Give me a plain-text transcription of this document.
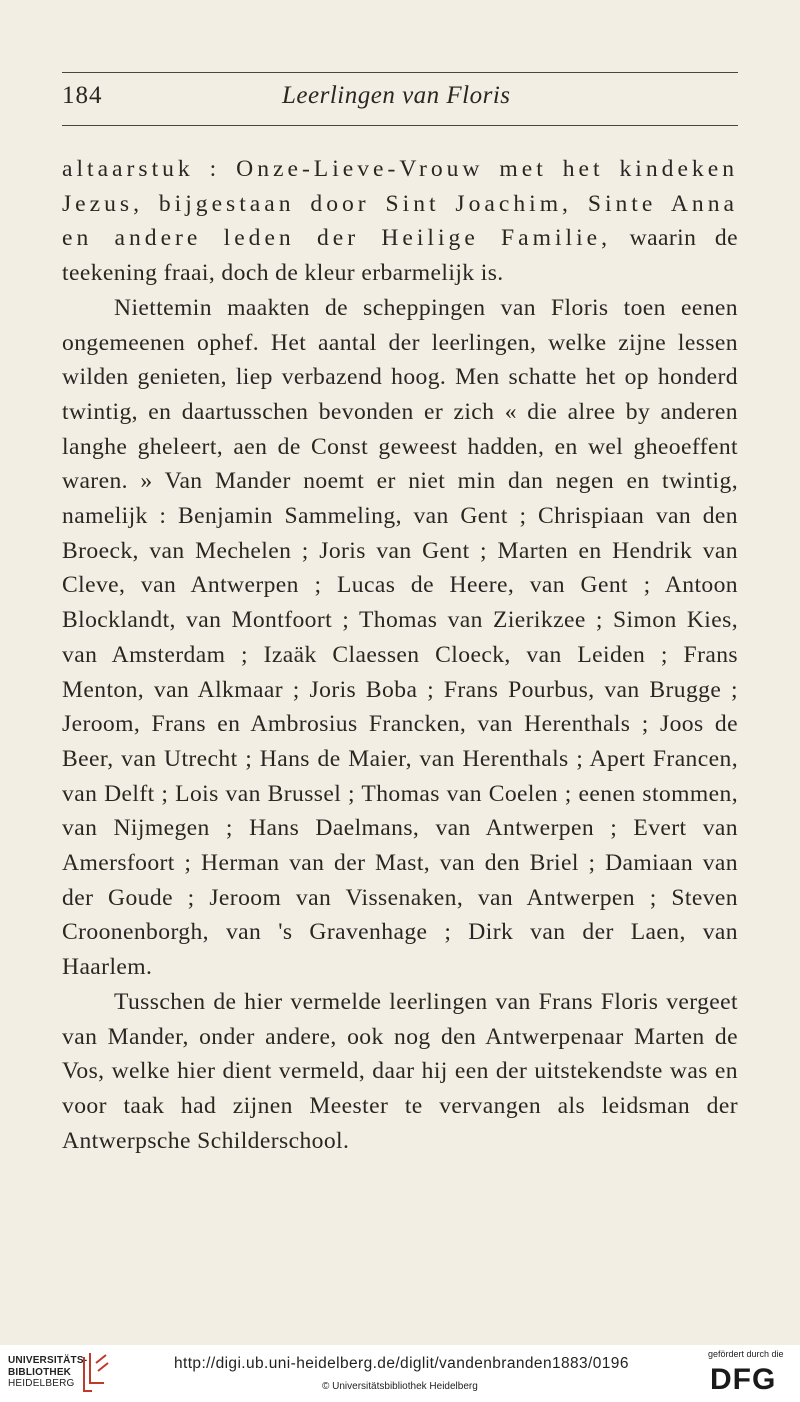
184	Leerlingen van Floris

altaarstuk : Onze-Lieve-Vrouw met het kindeken Jezus, bijgestaan door Sint Joachim, Sinte Anna en andere leden der Heilige Familie, waarin de teekening fraai, doch de kleur erbarmelijk is.

Niettemin maakten de scheppingen van Floris toen eenen ongemeenen ophef. Het aantal der leerlingen, welke zijne lessen wilden genieten, liep verbazend hoog. Men schatte het op honderd twintig, en daartusschen bevonden er zich « die alree by anderen langhe gheleert, aen de Const geweest hadden, en wel gheoeffent waren. » Van Mander noemt er niet min dan negen en twintig, namelijk : Benjamin Sammeling, van Gent ; Chrispiaan van den Broeck, van Mechelen ; Joris van Gent ; Marten en Hendrik van Cleve, van Antwerpen ; Lucas de Heere, van Gent ; Antoon Blocklandt, van Montfoort ; Thomas van Zierikzee ; Simon Kies, van Amsterdam ; Izaäk Claessen Cloeck, van Leiden ; Frans Menton, van Alkmaar ; Joris Boba ; Frans Pourbus, van Brugge ; Jeroom, Frans en Ambrosius Francken, van Herenthals ; Joos de Beer, van Utrecht ; Hans de Maier, van Herenthals ; Apert Francen, van Delft ; Lois van Brussel ; Thomas van Coelen ; eenen stommen, van Nijmegen ; Hans Daelmans, van Antwerpen ; Evert van Amersfoort ; Herman van der Mast, van den Briel ; Damiaan van der Goude ; Jeroom van Vissenaken, van Antwerpen ; Steven Croonenborgh, van 's Gravenhage ; Dirk van der Laen, van Haarlem.

Tusschen de hier vermelde leerlingen van Frans Floris vergeet van Mander, onder andere, ook nog den Antwerpenaar Marten de Vos, welke hier dient vermeld, daar hij een der uitstekendste was en voor taak had zijnen Meester te vervangen als leidsman der Antwerpsche Schilderschool.

UNIVERSITÄTS-
BIBLIOTHEK
HEIDELBERG
http://digi.ub.uni-heidelberg.de/diglit/vandenbranden1883/0196
© Universitätsbibliothek Heidelberg
gefördert durch die
DFG
